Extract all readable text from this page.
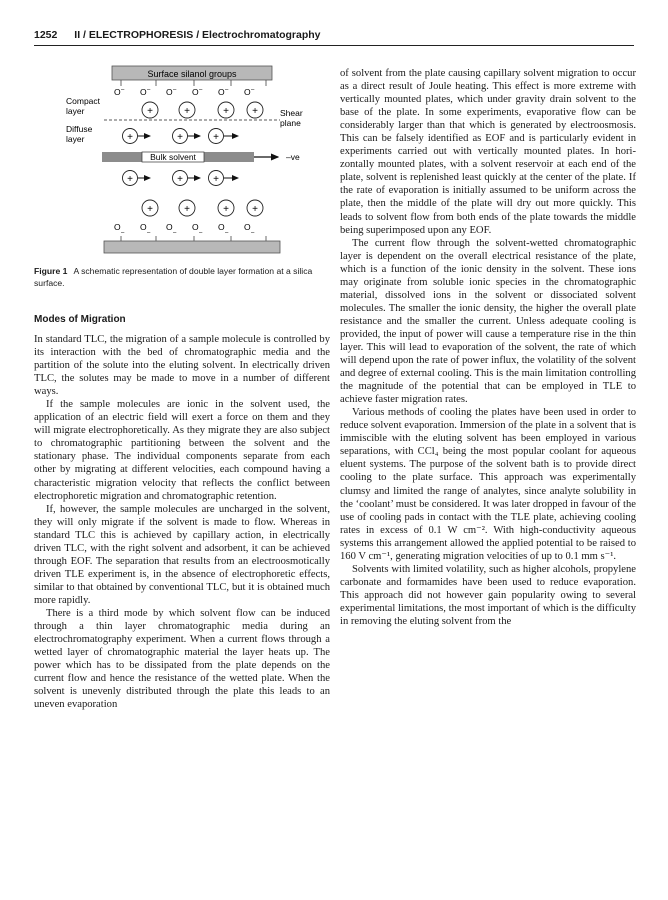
1252 II / ELECTROPHORESIS / Electrochromatography
Surface silanol groups
O – O – O – O – O – O –
Compact
layer	+	+	+ +	Shear
plane
Diffuse
layer	+	+	+
Bulk solvent	–ve
+	+	+
+	+	+ +
O
–
O
–
O
–
O
–
O
–
O
–
Figure 1 A schematic representation of double layer formation at a silica surface.
Modes of Migration

In standard TLC, the migration of a sample molecule is controlled by its interaction with the bed of chromatographic media and the partition of the solute into the eluting solvent. In electrically driven TLC, the solutes may be made to move in a number of different ways.

If the sample molecules are ionic in the solvent used, the application of an electric field will exert a force on them and they will migrate electrophoretically. As they migrate they are also subject to chromatographic partitioning between the solvent and the stationary phase. The individual components separate from each other by migrating at different velocities, each compound having a characteristic migration velocity that reflects the conflict between electrophoretic migration and chromatographic retention.

If, however, the sample molecules are uncharged in the solvent, they will only migrate if the solvent is made to flow. Whereas in standard TLC this is achieved by capillary action, in electrically driven TLC, with the right solvent and adsorbent, it can be achieved through EOF. The separation that results from an electroosmotically driven TLE experiment is, in the absence of electrophoretic effects, similar to that obtained by conventional TLC, but it is obtained much more rapidly.

There is a third mode by which solvent flow can be induced through a thin layer chromatographic media during an electrochromatography experiment. When a current flows through a wetted layer of chromatographic material the layer heats up. The power which has to be dissipated from the plate depends on the current flow and hence the resistance of the wetted plate. When the solvent is unevenly distributed through the plate this leads to an uneven evaporation

of solvent from the plate causing capillary solvent migration to occur as a direct result of Joule heating. This effect is more extreme with vertically mounted plates, which under gravity drain solvent to the base of the plate. In some experiments, evaporative flow can be considerably larger than that which is generated by electroosmosis. This can be falsely identified as EOF and is particularly evident in experiments carried out with vertically mounted plates. In horizontally mounted plates, with a solvent reservoir at each end of the plate, solvent is replenished least quickly at the center of the plate. If the rate of evaporation is initially assumed to be uniform across the plate, then the middle of the plate will dry out more quickly. This leads to solvent flow from both ends of the plate towards the middle being superimposed upon any EOF.

The current flow through the solvent-wetted chromatographic layer is dependent on the overall electrical resistance of the plate, which is a function of the ionic density in the solvent. These ions may originate from soluble ionic species in the chromatographic material, dissolved ions in the solvent or dissociated solvent molecules. The smaller the ionic density, the higher the overall plate resistance and the smaller the current. Unless adequate cooling is provided, the input of power will cause a temperature rise in the thin layer. This will lead to evaporation of the solvent, the rate of which will depend upon the rate of power influx, the volatility of the solvent and degree of external cooling. This is the main limitation controlling the magnitude of the potential that can be employed in TLE to achieve faster migration rates.

Various methods of cooling the plates have been used in order to reduce solvent evaporation. Immersion of the plate in a solvent that is immiscible with the eluting solvent has been employed in various separations, with CCl₄ being the most popular coolant for aqueous eluent systems. The purpose of the solvent bath is to provide direct cooling to the plate surface. This approach was experimentally clumsy and limited the range of analytes, since analyte solubility in the ‘coolant’ must be considered. It was later dropped in favour of the use of cooling pads in contact with the TLE plate, achieving cooling rates in excess of 0.1 W cm⁻². With high-conductivity aqueous systems this arrangement allowed the applied potential to be raised to 160 V cm⁻¹, generating migration velocities of up to 0.1 mm s⁻¹.

Solvents with limited volatility, such as higher alcohols, propylene carbonate and formamides have been used to reduce evaporation. This approach did not however gain popularity owing to several experimental limitations, the most important of which is the difficulty in removing the eluting solvent from the
